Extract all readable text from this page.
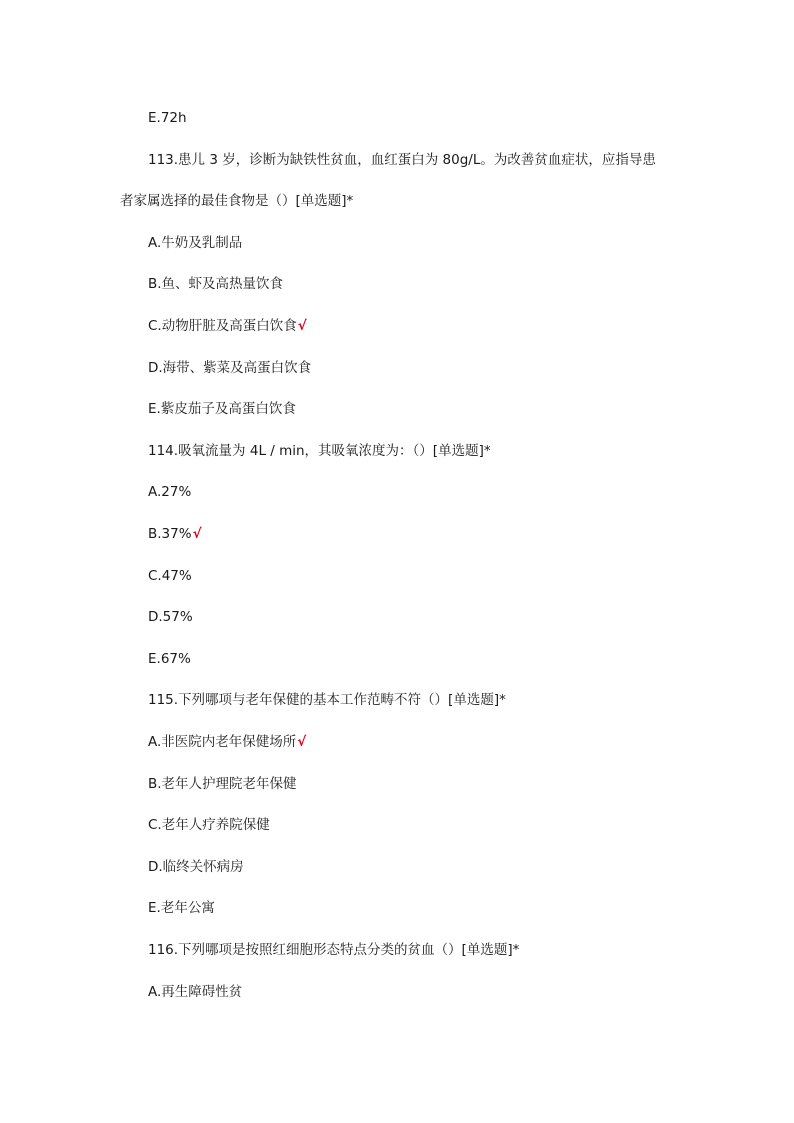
E.72h
113.患儿 3 岁，诊断为缺铁性贫血，血红蛋白为 80g/L。为改善贫血症状，应指导患
者家属选择的最佳食物是（）[单选题]*
A.牛奶及乳制品
B.鱼、虾及高热量饮食
C.动物肝脏及高蛋白饮食√
D.海带、紫菜及高蛋白饮食
E.紫皮茄子及高蛋白饮食
114.吸氧流量为 4L / min，其吸氧浓度为：（）[单选题]*
A.27%
B.37%√
C.47%
D.57%
E.67%
115.下列哪项与老年保健的基本工作范畴不符（）[单选题]*
A.非医院内老年保健场所√
B.老年人护理院老年保健
C.老年人疗养院保健
D.临终关怀病房
E.老年公寓
116.下列哪项是按照红细胞形态特点分类的贫血（）[单选题]*
A.再生障碍性贫
